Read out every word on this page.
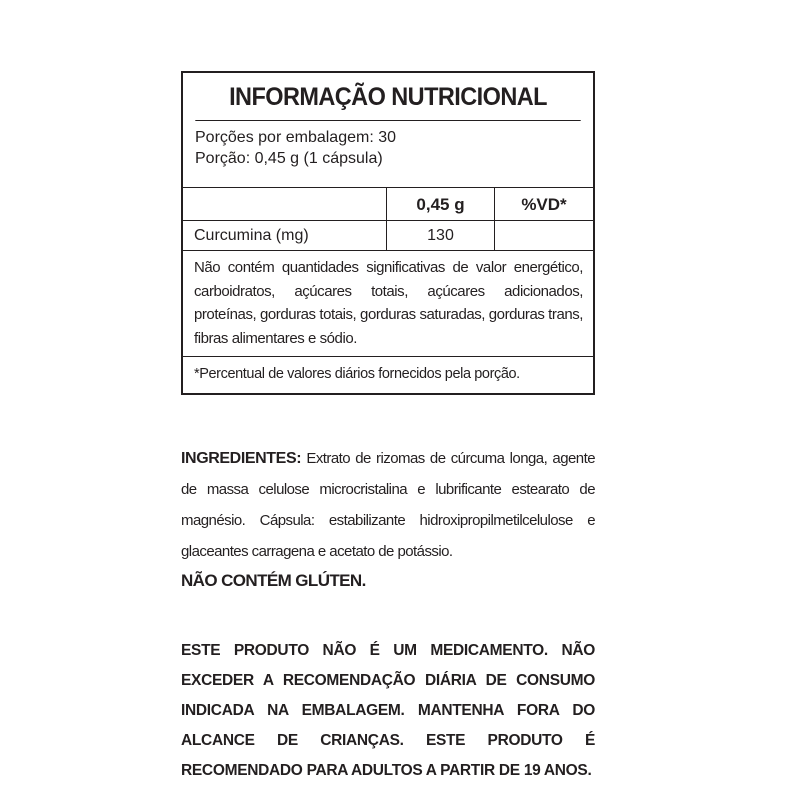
INFORMAÇÃO NUTRICIONAL
Porções por embalagem: 30
Porção: 0,45 g (1 cápsula)
0,45 g	%VD*
Curcumina (mg)	130
Não contém quantidades significativas de valor energético, carboidratos, açúcares totais, açúcares adicionados, proteínas, gorduras totais, gorduras saturadas, gorduras trans, fibras alimentares e sódio.
*Percentual de valores diários fornecidos pela porção.
INGREDIENTES: Extrato de rizomas de cúrcuma longa, agente de massa celulose microcristalina e lubrificante estearato de magnésio. Cápsula: estabilizante hidroxipropilmetilcelulose e glaceantes carragena e acetato de potássio.
NÃO CONTÉM GLÚTEN.
ESTE PRODUTO NÃO É UM MEDICAMENTO. NÃO EXCEDER A RECOMENDAÇÃO DIÁRIA DE CONSUMO INDICADA NA EMBALAGEM. MANTENHA FORA DO ALCANCE DE CRIANÇAS. ESTE PRODUTO É RECOMENDADO PARA ADULTOS A PARTIR DE 19 ANOS.
